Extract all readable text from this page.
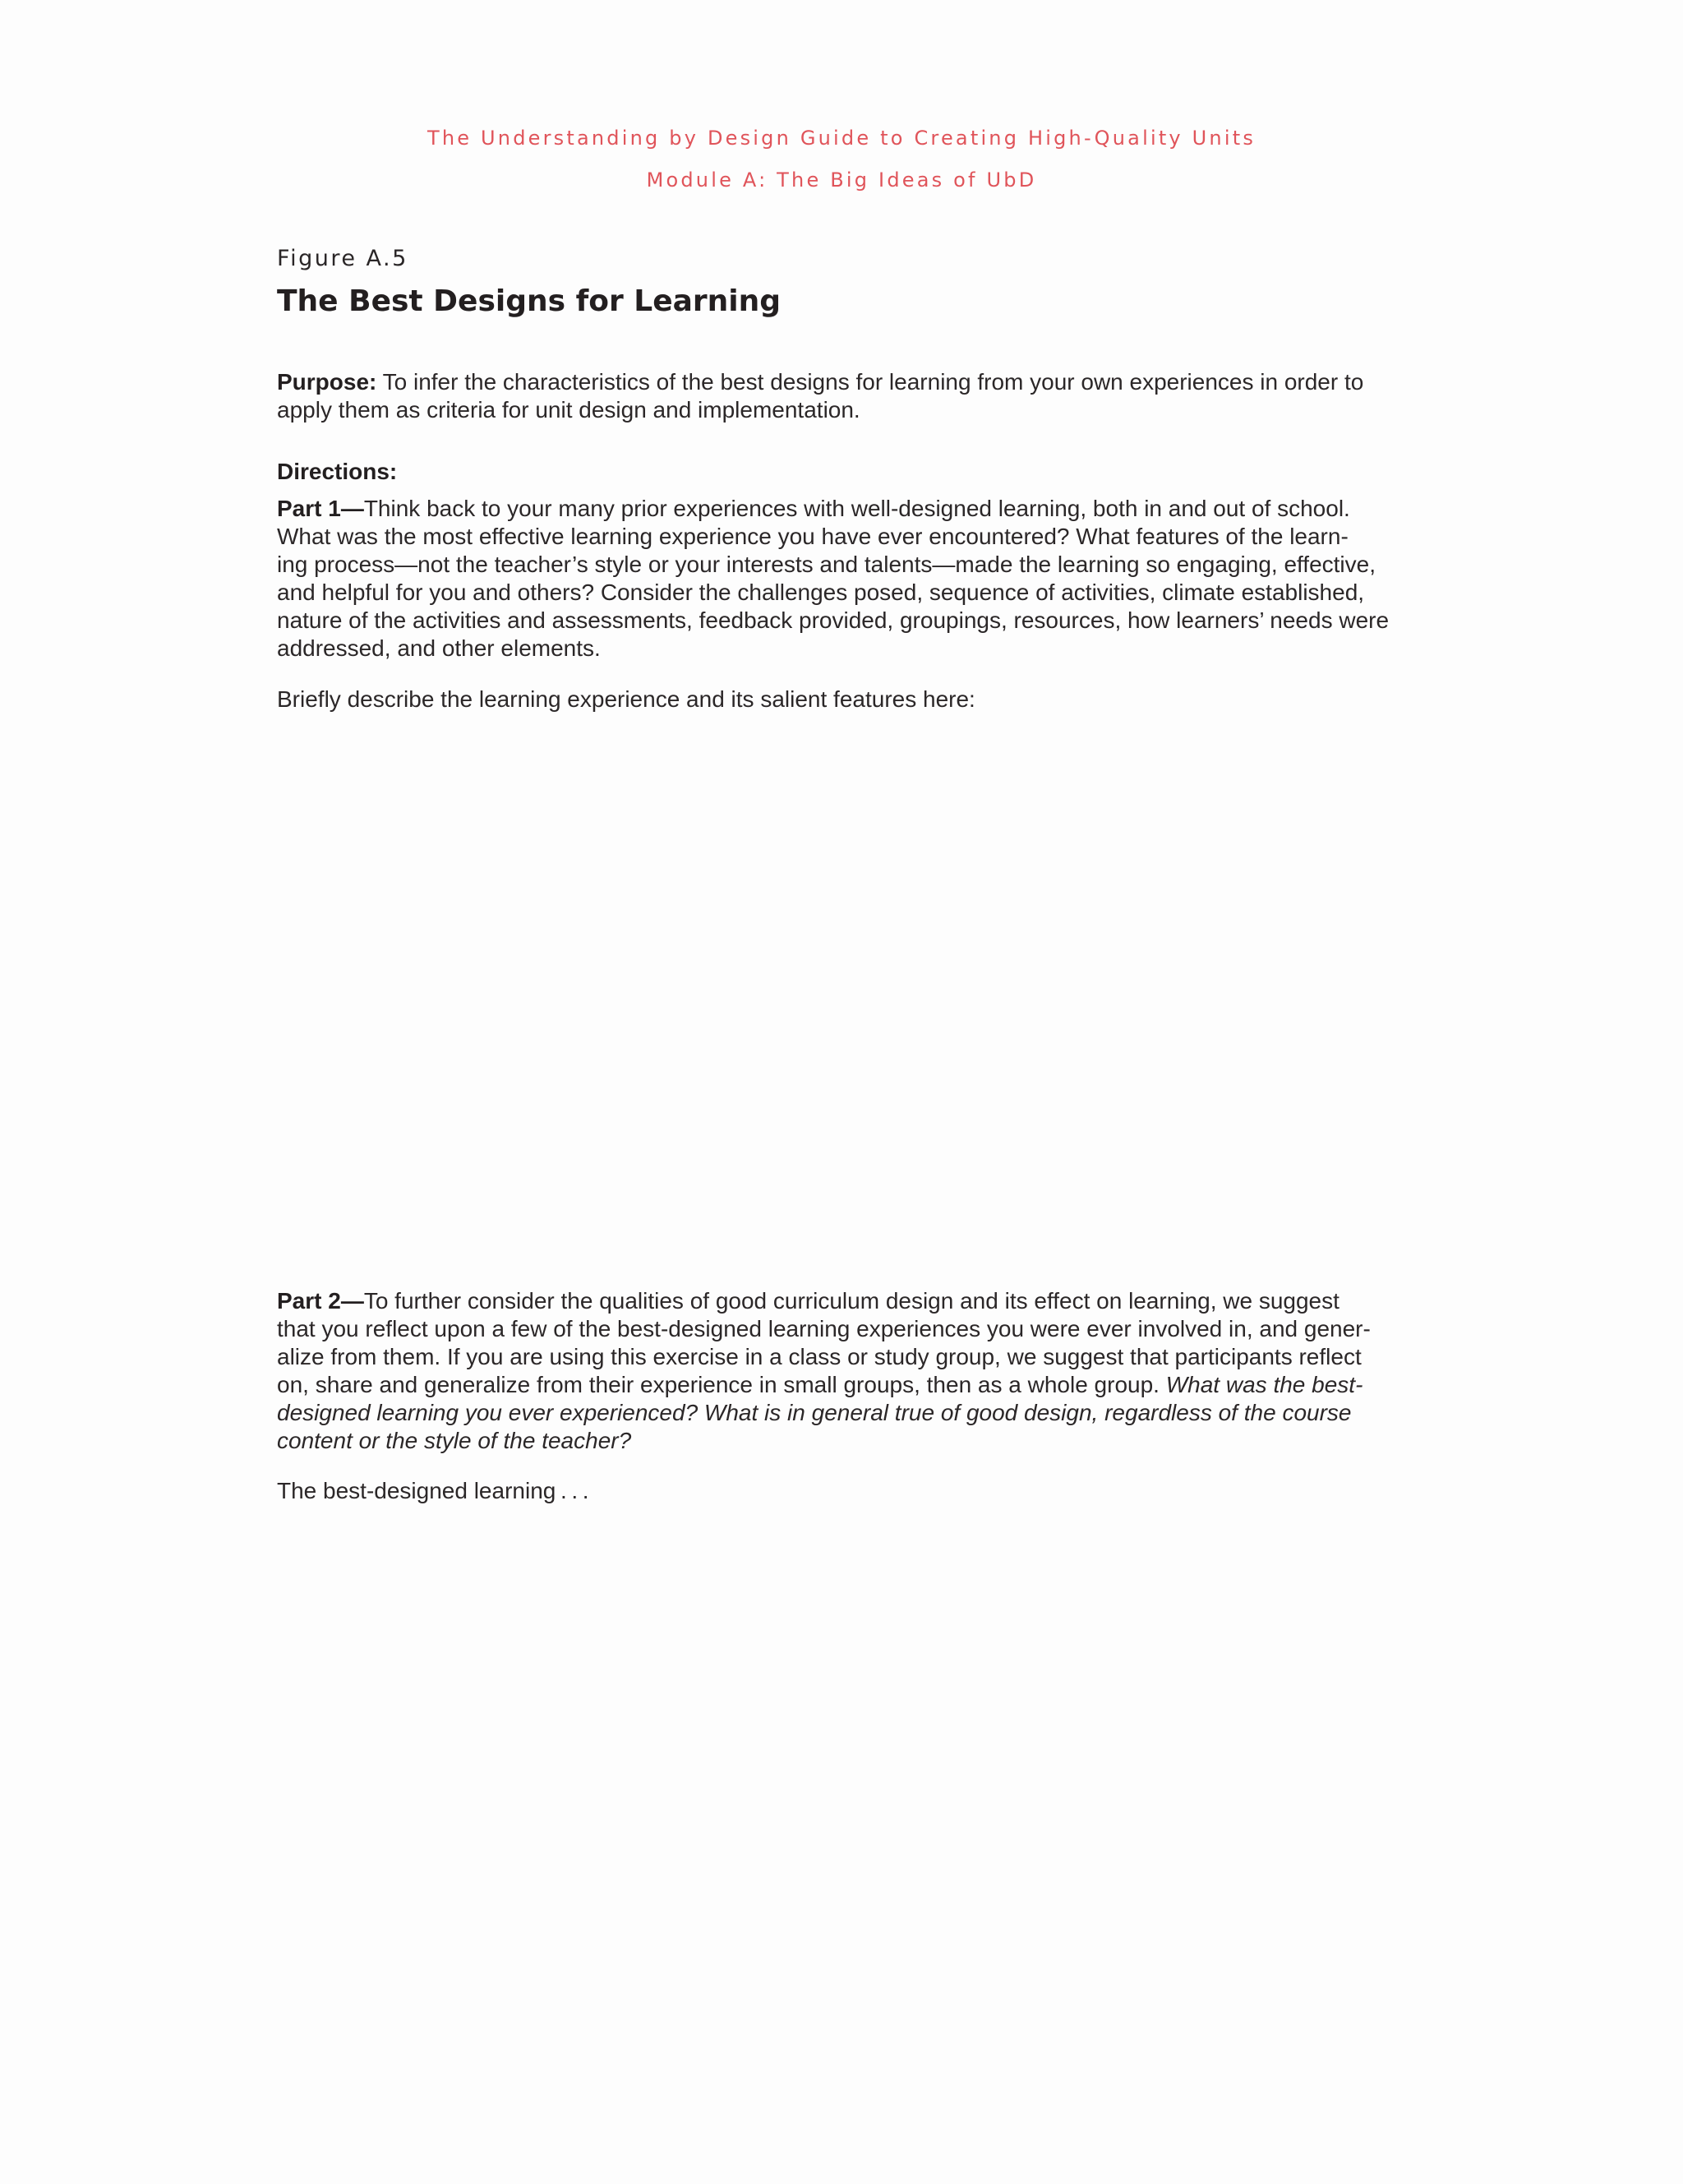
The Understanding by Design Guide to Creating High-Quality Units
Module A: The Big Ideas of UbD
Figure A.5
The Best Designs for Learning
Purpose: To infer the characteristics of the best designs for learning from your own experiences in order to
apply them as criteria for unit design and implementation.
Directions:
Part 1—Think back to your many prior experiences with well-designed learning, both in and out of school.
What was the most effective learning experience you have ever encountered? What features of the learn-
ing process—not the teacher’s style or your interests and talents—made the learning so engaging, effective,
and helpful for you and others? Consider the challenges posed, sequence of activities, climate established,
nature of the activities and assessments, feedback provided, groupings, resources, how learners’ needs were
addressed, and other elements.
Briefly describe the learning experience and its salient features here:
Part 2—To further consider the qualities of good curriculum design and its effect on learning, we suggest
that you reflect upon a few of the best-designed learning experiences you were ever involved in, and gener-
alize from them. If you are using this exercise in a class or study group, we suggest that participants reflect
on, share and generalize from their experience in small groups, then as a whole group. What was the best-
designed learning you ever experienced? What is in general true of good design, regardless of the course
content or the style of the teacher?
The best-designed learning . . .
